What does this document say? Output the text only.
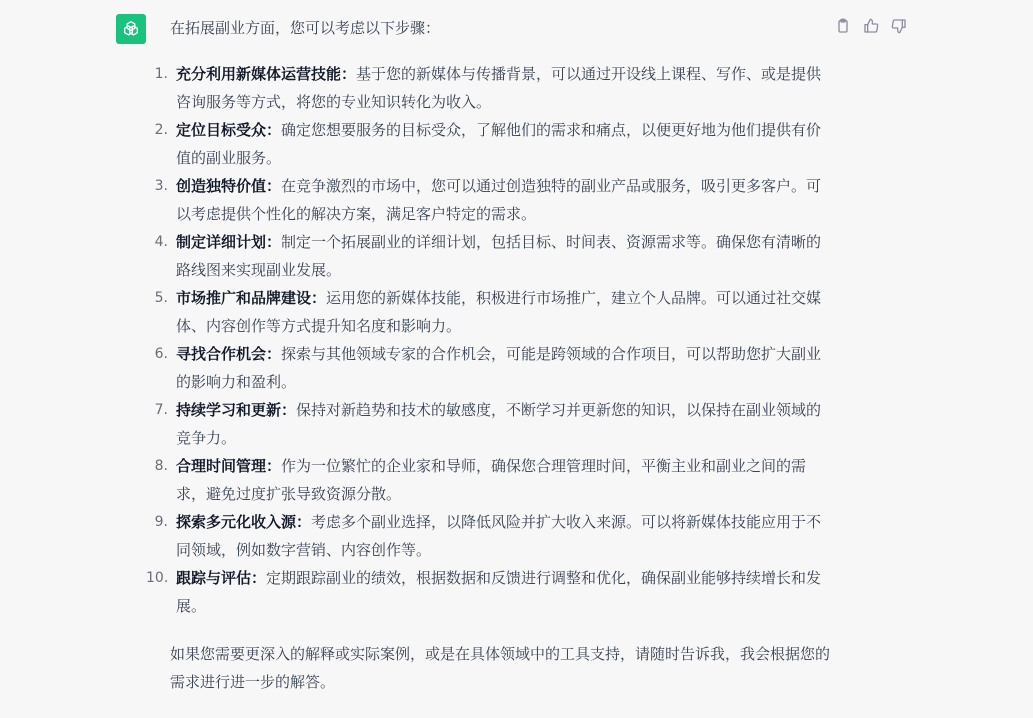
在拓展副业方面，您可以考虑以下步骤：

1. 充分利用新媒体运营技能：基于您的新媒体与传播背景，可以通过开设线上课程、写作、或是提供咨询服务等方式，将您的专业知识转化为收入。
2. 定位目标受众：确定您想要服务的目标受众，了解他们的需求和痛点，以便更好地为他们提供有价值的副业服务。
3. 创造独特价值：在竞争激烈的市场中，您可以通过创造独特的副业产品或服务，吸引更多客户。可以考虑提供个性化的解决方案，满足客户特定的需求。
4. 制定详细计划：制定一个拓展副业的详细计划，包括目标、时间表、资源需求等。确保您有清晰的路线图来实现副业发展。
5. 市场推广和品牌建设：运用您的新媒体技能，积极进行市场推广，建立个人品牌。可以通过社交媒体、内容创作等方式提升知名度和影响力。
6. 寻找合作机会：探索与其他领域专家的合作机会，可能是跨领域的合作项目，可以帮助您扩大副业的影响力和盈利。
7. 持续学习和更新：保持对新趋势和技术的敏感度，不断学习并更新您的知识，以保持在副业领域的竞争力。
8. 合理时间管理：作为一位繁忙的企业家和导师，确保您合理管理时间，平衡主业和副业之间的需求，避免过度扩张导致资源分散。
9. 探索多元化收入源：考虑多个副业选择，以降低风险并扩大收入来源。可以将新媒体技能应用于不同领域，例如数字营销、内容创作等。
10. 跟踪与评估：定期跟踪副业的绩效，根据数据和反馈进行调整和优化，确保副业能够持续增长和发展。

如果您需要更深入的解释或实际案例，或是在具体领域中的工具支持，请随时告诉我，我会根据您的需求进行进一步的解答。
